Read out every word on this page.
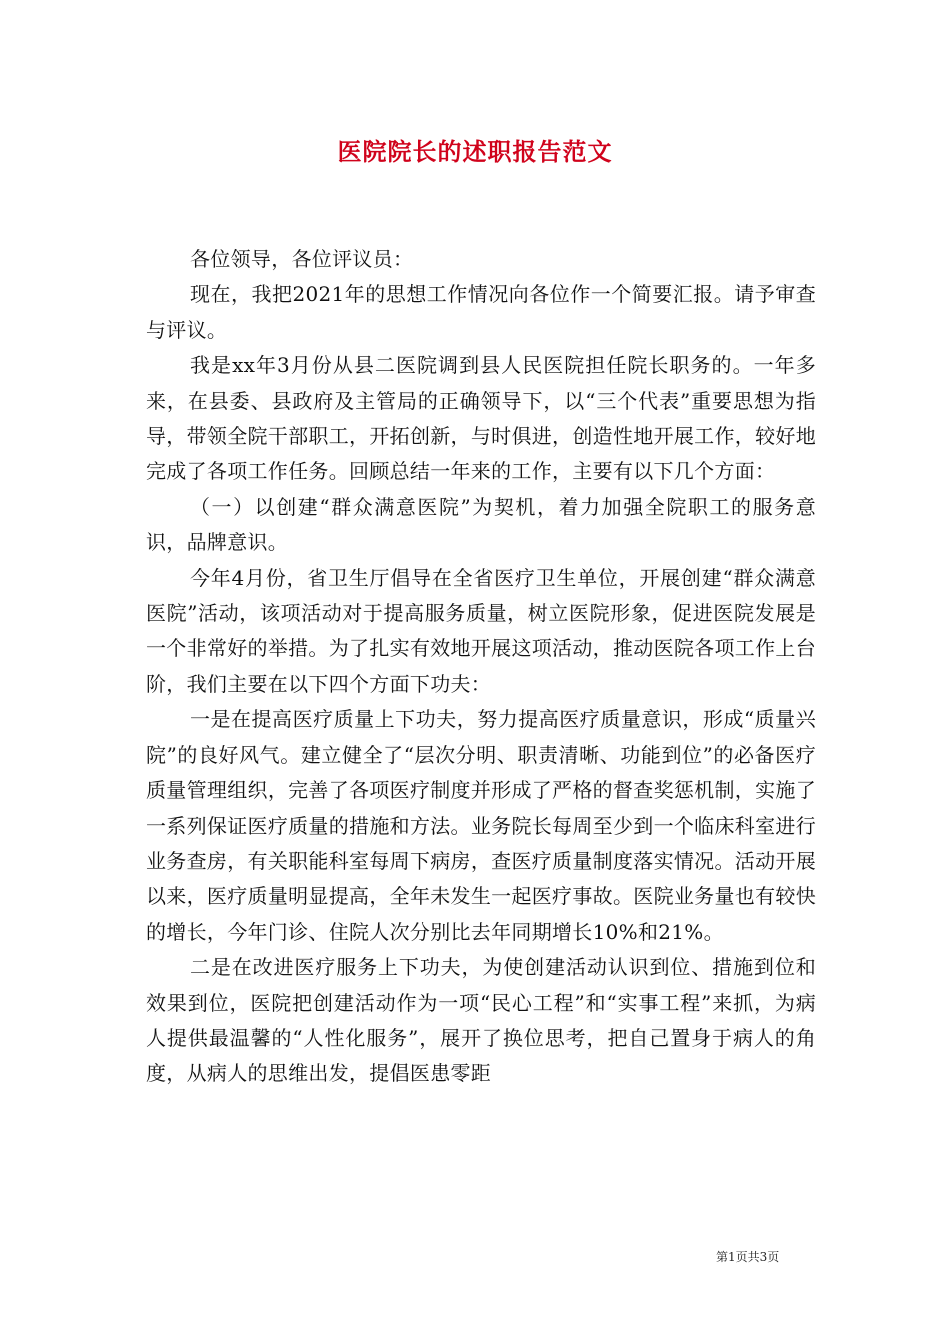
医院院长的述职报告范文

各位领导，各位评议员：

现在，我把2021年的思想工作情况向各位作一个简要汇报。请予审查与评议。

我是xx年3月份从县二医院调到县人民医院担任院长职务的。一年多来，在县委、县政府及主管局的正确领导下，以“三个代表”重要思想为指导，带领全院干部职工，开拓创新，与时俱进，创造性地开展工作，较好地完成了各项工作任务。回顾总结一年来的工作，主要有以下几个方面：

（一）以创建“群众满意医院”为契机，着力加强全院职工的服务意识，品牌意识。

今年4月份，省卫生厅倡导在全省医疗卫生单位，开展创建“群众满意医院”活动，该项活动对于提高服务质量，树立医院形象，促进医院发展是一个非常好的举措。为了扎实有效地开展这项活动，推动医院各项工作上台阶，我们主要在以下四个方面下功夫：

一是在提高医疗质量上下功夫，努力提高医疗质量意识，形成“质量兴院”的良好风气。建立健全了“层次分明、职责清晰、功能到位”的必备医疗质量管理组织，完善了各项医疗制度并形成了严格的督查奖惩机制，实施了一系列保证医疗质量的措施和方法。业务院长每周至少到一个临床科室进行业务查房，有关职能科室每周下病房，查医疗质量制度落实情况。活动开展以来，医疗质量明显提高，全年未发生一起医疗事故。医院业务量也有较快的增长，今年门诊、住院人次分别比去年同期增长10%和21%。

二是在改进医疗服务上下功夫，为使创建活动认识到位、措施到位和效果到位，医院把创建活动作为一项“民心工程”和“实事工程”来抓，为病人提供最温馨的“人性化服务”，展开了换位思考，把自己置身于病人的角度，从病人的思维出发，提倡医患零距

第1页共3页
